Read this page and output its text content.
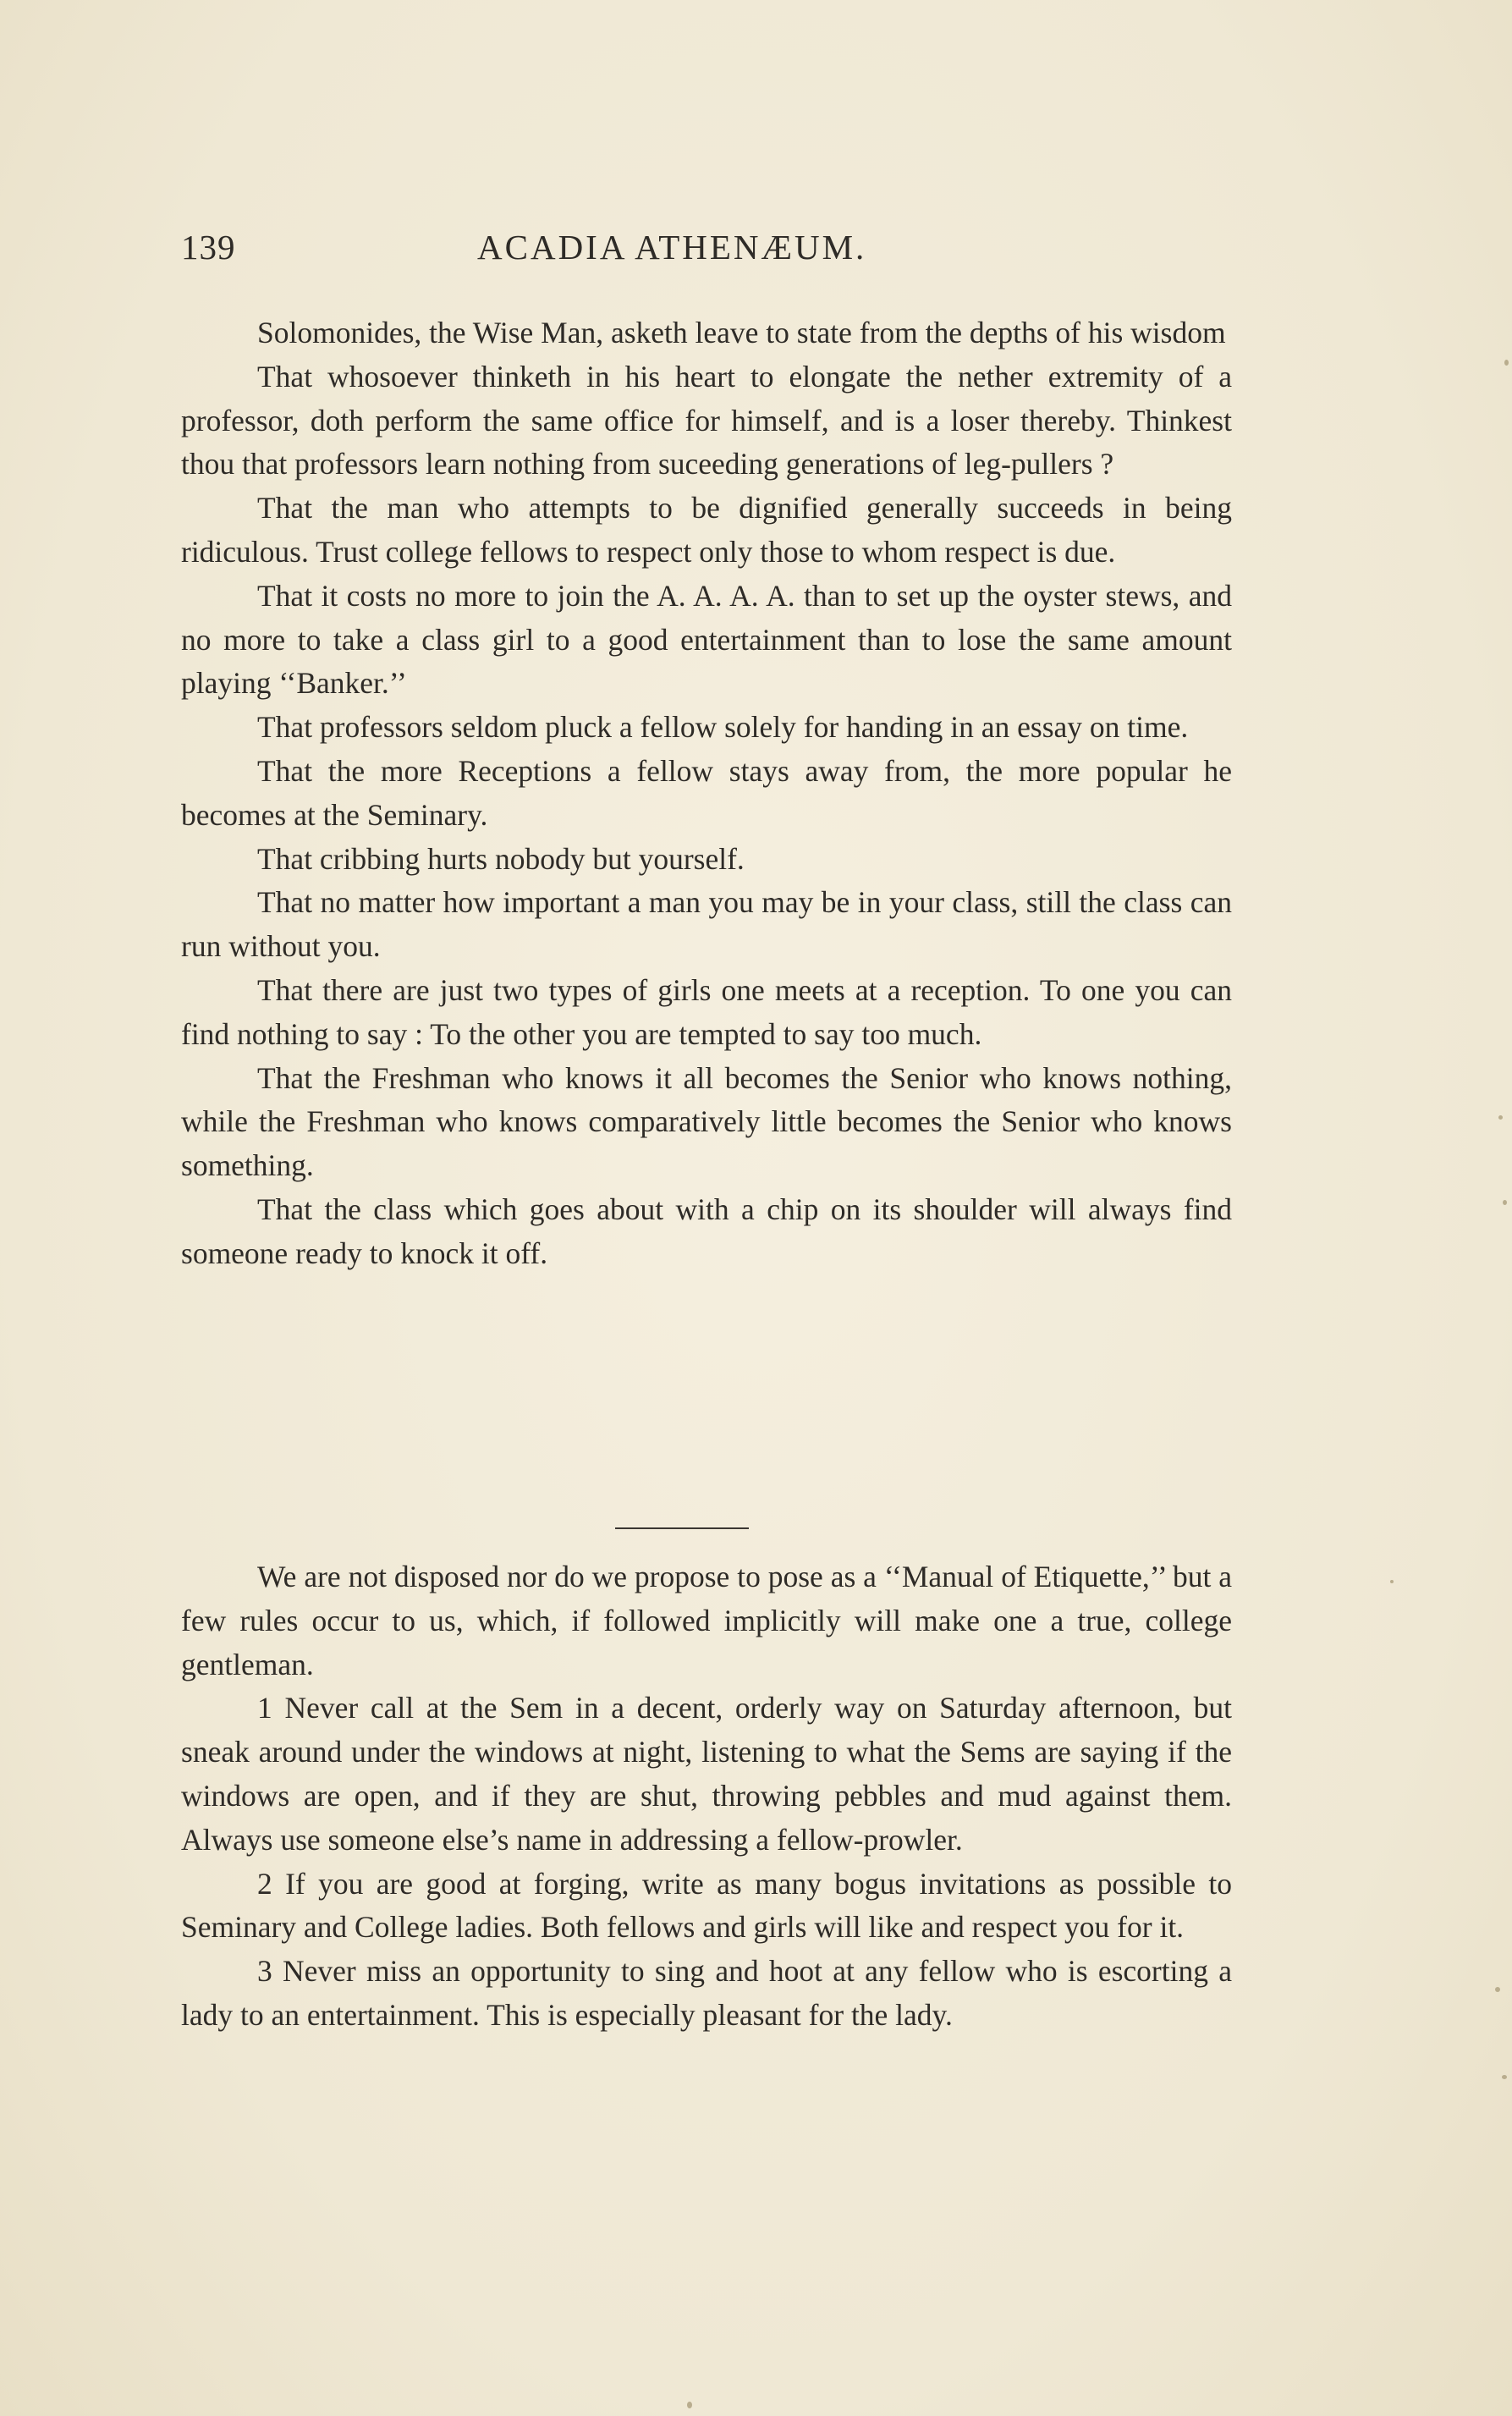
139	ACADIA ATHENÆUM.

Solomonides, the Wise Man, asketh leave to state from the depths of his wisdom

That whosoever thinketh in his heart to elongate the nether extremity of a professor, doth perform the same office for himself, and is a loser thereby. Thinkest thou that professors learn nothing from suceeding generations of leg-pullers ?

That the man who attempts to be dignified generally succeeds in being ridiculous. Trust college fellows to respect only those to whom respect is due.

That it costs no more to join the A. A. A. A. than to set up the oyster stews, and no more to take a class girl to a good entertainment than to lose the same amount playing ‘‘Banker.’’

That professors seldom pluck a fellow solely for handing in an essay on time.

That the more Receptions a fellow stays away from, the more popular he becomes at the Seminary.

That cribbing hurts nobody but yourself.

That no matter how important a man you may be in your class, still the class can run without you.

That there are just two types of girls one meets at a reception. To one you can find nothing to say : To the other you are tempted to say too much.

That the Freshman who knows it all becomes the Senior who knows nothing, while the Freshman who knows comparatively little becomes the Senior who knows something.

That the class which goes about with a chip on its shoulder will always find someone ready to knock it off.

We are not disposed nor do we propose to pose as a ‘‘Manual of Etiquette,’’ but a few rules occur to us, which, if followed implicitly will make one a true, college gentleman.

1 Never call at the Sem in a decent, orderly way on Saturday afternoon, but sneak around under the windows at night, listening to what the Sems are saying if the windows are open, and if they are shut, throwing pebbles and mud against them. Always use someone else’s name in addressing a fellow-prowler.

2 If you are good at forging, write as many bogus invitations as possible to Seminary and College ladies. Both fellows and girls will like and respect you for it.

3 Never miss an opportunity to sing and hoot at any fellow who is escorting a lady to an entertainment. This is especially pleasant for the lady.
